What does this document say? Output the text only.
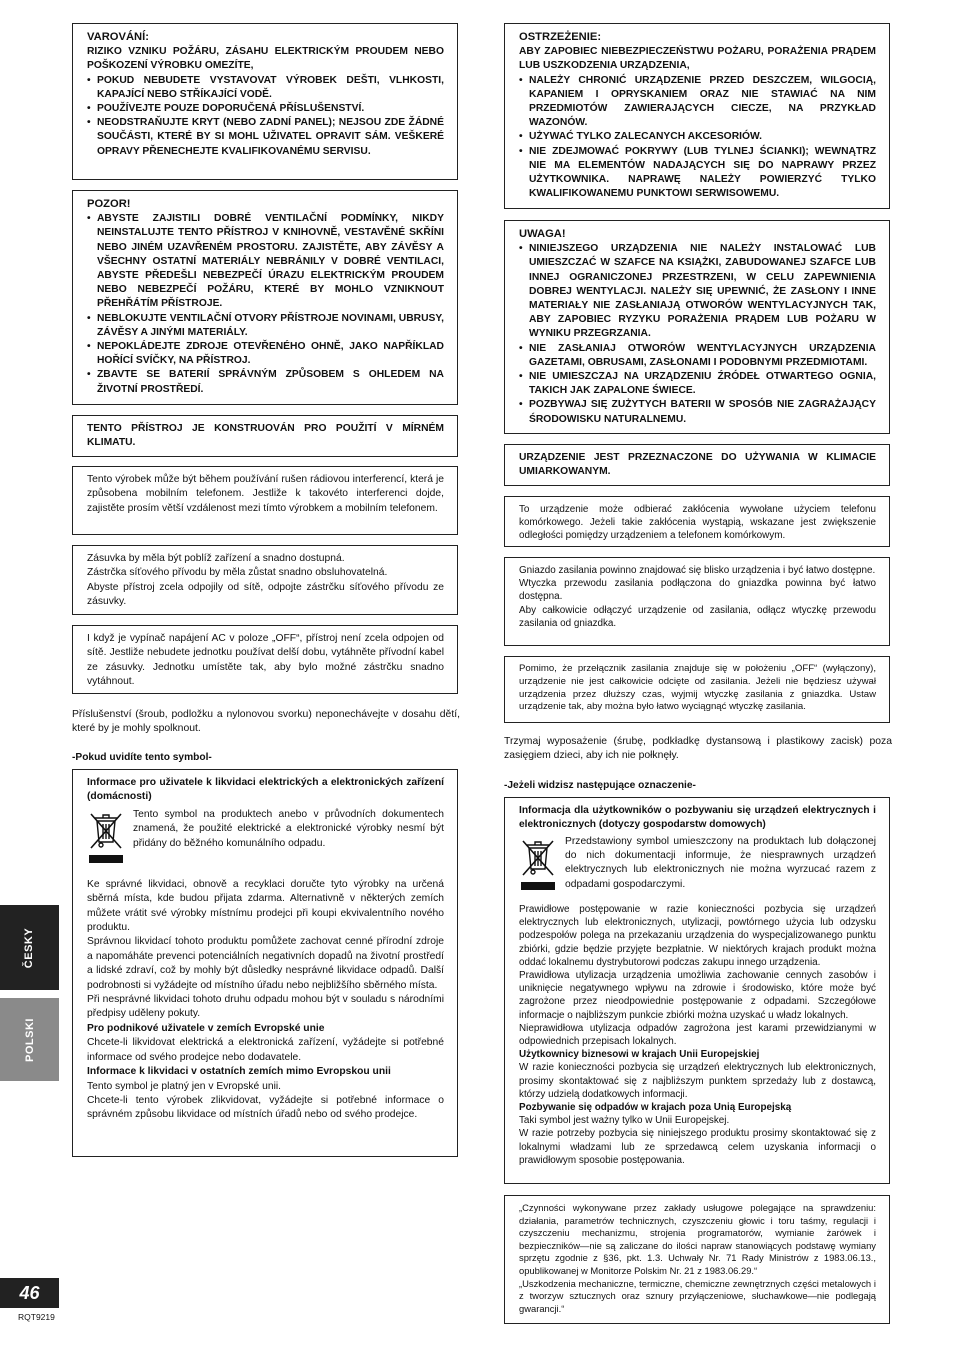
ČESKY
POLSKI
46
RQT9219
VAROVÁNÍ:

RIZIKO VZNIKU POŽÁRU, ZÁSAHU ELEKTRICKÝM PROUDEM NEBO POŠKOZENÍ VÝROBKU OMEZÍTE,

• POKUD NEBUDETE VYSTAVOVAT VÝROBEK DEŠTI, VLHKOSTI, KAPAJÍCÍ NEBO STŘÍKAJÍCÍ VODĚ.
• POUŽÍVEJTE POUZE DOPORUČENÁ PŘÍSLUŠENSTVÍ.
• NEODSTRAŇUJTE KRYT (NEBO ZADNÍ PANEL); NEJSOU ZDE ŽÁDNÉ SOUČÁSTI, KTERÉ BY SI MOHL UŽIVATEL OPRAVIT SÁM. VEŠKERÉ OPRAVY PŘENECHEJTE KVALIFIKOVANÉMU SERVISU.
POZOR!
• ABYSTE ZAJISTILI DOBRÉ VENTILAČNÍ PODMÍNKY, NIKDY NEINSTALUJTE TENTO PŘÍSTROJ V KNIHOVNĚ, VESTAVĚNÉ SKŘÍNI NEBO JINÉM UZAVŘENÉM PROSTORU. ZAJISTĚTE, ABY ZÁVĚSY A VŠECHNY OSTATNÍ MATERIÁLY NEBRÁNILY V DOBRÉ VENTILACI, ABYSTE PŘEDEŠLI NEBEZPEČÍ ÚRAZU ELEKTRICKÝM PROUDEM NEBO NEBEZPEČÍ POŽÁRU, KTERÉ BY MOHLO VZNIKNOUT PŘEHŘÁTÍM PŘÍSTROJE.
• NEBLOKUJTE VENTILAČNÍ OTVORY PŘÍSTROJE NOVINAMI, UBRUSY, ZÁVĚSY A JINÝMI MATERIÁLY.
• NEPOKLÁDEJTE ZDROJE OTEVŘENÉHO OHNĚ, JAKO NAPŘÍKLAD HOŘÍCÍ SVÍČKY, NA PŘÍSTROJ.
• ZBAVTE SE BATERIÍ SPRÁVNÝM ZPŮSOBEM S OHLEDEM NA ŽIVOTNÍ PROSTŘEDÍ.

TENTO PŘÍSTROJ JE KONSTRUOVÁN PRO POUŽITÍ V MÍRNÉM KLIMATU.

Tento výrobek může být během používání rušen rádiovou interferencí, která je způsobena mobilním telefonem. Jestliže k takovéto interferenci dojde, zajistěte prosím větší vzdálenost mezi tímto výrobkem a mobilním telefonem.

Zásuvka by měla být poblíž zařízení a snadno dostupná.

Zástrčka síťového přívodu by měla zůstat snadno obsluhovatelná.

Abyste přístroj zcela odpojily od sítě, odpojte zástrčku síťového přívodu ze zásuvky.

I když je vypínač napájení AC v poloze „OFF“, přístroj není zcela odpojen od sítě. Jestliže nebudete jednotku používat delší dobu, vytáhněte přívodní kabel ze zásuvky. Jednotku umístěte tak, aby bylo možné zástrčku snadno vytáhnout.

Příslušenství (šroub, podložku a nylonovou svorku) neponechávejte v dosahu dětí, které by je mohly spolknout.
-Pokud uvidíte tento symbol-

Informace pro uživatele k likvidaci elektrických a elektronických zařízení (domácnosti)

Tento symbol na produktech anebo v průvodních dokumentech znamená, že použité elektrické a elektronické výrobky nesmí být přidány do běžného komunálního odpadu.

Ke správné likvidaci, obnově a recyklaci doručte tyto výrobky na určená sběrná místa, kde budou přijata zdarma. Alternativně v některých zemích můžete vrátit své výrobky místnímu prodejci při koupi ekvivalentního nového produktu.

Správnou likvidací tohoto produktu pomůžete zachovat cenné přírodní zdroje a napomáháte prevenci potenciálních negativních dopadů na životní prostředí a lidské zdraví, což by mohly být důsledky nesprávné likvidace odpadů. Další podrobnosti si vyžádejte od místního úřadu nebo nejbližšího sběrného místa.

Při nesprávné likvidaci tohoto druhu odpadu mohou být v souladu s národními předpisy uděleny pokuty.

Pro podnikové uživatele v zemích Evropské unie

Chcete-li likvidovat elektrická a elektronická zařízení, vyžádejte si potřebné informace od svého prodejce nebo dodavatele.

Informace k likvidaci v ostatních zemích mimo Evropskou unii

Tento symbol je platný jen v Evropské unii.

Chcete-li tento výrobek zlikvidovat, vyžádejte si potřebné informace o správném způsobu likvidace od místních úřadů nebo od svého prodejce.

OSTRZEŻENIE:

ABY ZAPOBIEC NIEBEZPIECZEŃSTWU POŻARU, PORAŻENIA PRĄDEM LUB USZKODZENIA URZĄDZENIA,

• NALEŻY CHRONIĆ URZĄDZENIE PRZED DESZCZEM, WILGOCIĄ, KAPANIEM I OPRYSKANIEM ORAZ NIE STAWIAĆ NA NIM PRZEDMIOTÓW ZAWIERAJĄCYCH CIECZE, NA PRZYKŁAD WAZONÓW.
• UŻYWAĆ TYLKO ZALECANYCH AKCESORIÓW.
• NIE ZDEJMOWAĆ POKRYWY (LUB TYLNEJ ŚCIANKI); WEWNĄTRZ NIE MA ELEMENTÓW NADAJĄCYCH SIĘ DO NAPRAWY PRZEZ UŻYTKOWNIKA. NAPRAWĘ NALEŻY POWIERZYĆ TYLKO KWALIFIKOWANEMU PUNKTOWI SERWISOWEMU.
UWAGA!
• NINIEJSZEGO URZĄDZENIA NIE NALEŻY INSTALOWAĆ LUB UMIESZCZAĆ W SZAFCE NA KSIĄŻKI, ZABUDOWANEJ SZAFCE LUB INNEJ OGRANICZONEJ PRZESTRZENI, W CELU ZAPEWNIENIA DOBREJ WENTYLACJI. NALEŻY SIĘ UPEWNIĆ, ŻE ZASŁONY I INNE MATERIAŁY NIE ZASŁANIAJĄ OTWORÓW WENTYLACYJNYCH TAK, ABY ZAPOBIEC RYZYKU PORAŻENIA PRĄDEM LUB POŻARU W WYNIKU PRZEGRZANIA.
• NIE ZASŁANIAJ OTWORÓW WENTYLACYJNYCH URZĄDZENIA GAZETAMI, OBRUSAMI, ZASŁONAMI I PODOBNYMI PRZEDMIOTAMI.
• NIE UMIESZCZAJ NA URZĄDZENIU ŹRÓDEŁ OTWARTEGO OGNIA, TAKICH JAK ZAPALONE ŚWIECE.
• POZBYWAJ SIĘ ZUŻYTYCH BATERII W SPOSÓB NIE ZAGRAŻAJĄCY ŚRODOWISKU NATURALNEMU.

URZĄDZENIE JEST PRZEZNACZONE DO UŻYWANIA W KLIMACIE UMIARKOWANYM.

To urządzenie może odbierać zakłócenia wywołane użyciem telefonu komórkowego. Jeżeli takie zakłócenia wystąpią, wskazane jest zwiększenie odległości pomiędzy urządzeniem a telefonem komórkowym.

Gniazdo zasilania powinno znajdować się blisko urządzenia i być łatwo dostępne.

Wtyczka przewodu zasilania podłączona do gniazdka powinna być łatwo dostępna.

Aby całkowicie odłączyć urządzenie od zasilania, odłącz wtyczkę przewodu zasilania od gniazdka.

Pomimo, że przełącznik zasilania znajduje się w położeniu „OFF“ (wyłączony), urządzenie nie jest całkowicie odcięte od zasilania. Jeżeli nie będziesz używał urządzenia przez dłuższy czas, wyjmij wtyczkę zasilania z gniazdka. Ustaw urządzenie tak, aby można było łatwo wyciągnąć wtyczkę zasilania.

Trzymaj wyposażenie (śrubę, podkładkę dystansową i plastikowy zacisk) poza zasięgiem dzieci, aby ich nie połknęły.
-Jeżeli widzisz następujące oznaczenie-

Informacja dla użytkowników o pozbywaniu się urządzeń elektrycznych i elektronicznych (dotyczy gospodarstw domowych)

Przedstawiony symbol umieszczony na produktach lub dołączonej do nich dokumentacji informuje, że niesprawnych urządzeń elektrycznych lub elektronicznych nie można wyrzucać razem z odpadami gospodarczymi.

Prawidłowe postępowanie w razie konieczności pozbycia się urządzeń elektrycznych lub elektronicznych, utylizacji, powtórnego użycia lub odzysku podzespołów polega na przekazaniu urządzenia do wyspecjalizowanego punktu zbiórki, gdzie będzie przyjęte bezpłatnie. W niektórych krajach produkt można oddać lokalnemu dystrybutorowi podczas zakupu innego urządzenia.

Prawidłowa utylizacja urządzenia umożliwia zachowanie cennych zasobów i uniknięcie negatywnego wpływu na zdrowie i środowisko, które może być zagrożone przez nieodpowiednie postępowanie z odpadami. Szczegółowe informacje o najbliższym punkcie zbiórki można uzyskać u władz lokalnych.

Nieprawidłowa utylizacja odpadów zagrożona jest karami przewidzianymi w odpowiednich przepisach lokalnych.

Użytkownicy biznesowi w krajach Unii Europejskiej

W razie konieczności pozbycia się urządzeń elektrycznych lub elektronicznych, prosimy skontaktować się z najbliższym punktem sprzedaży lub z dostawcą, którzy udzielą dodatkowych informacji.

Pozbywanie się odpadów w krajach poza Unią Europejską

Taki symbol jest ważny tylko w Unii Europejskej.

W razie potrzeby pozbycia się niniejszego produktu prosimy skontaktować się z lokalnymi władzami lub ze sprzedawcą celem uzyskania informacji o prawidłowym sposobie postępowania.

„Czynności wykonywane przez zakłady usługowe polegające na sprawdzeniu: działania, parametrów technicznych, czyszczeniu głowic i toru taśmy, regulacji i czyszczeniu mechanizmu, strojenia programatorów, wymianie żarówek i bezpieczników—nie są zaliczane do ilości napraw stanowiących podstawę wymiany sprzętu zgodnie z §36, pkt. 1.3. Uchwały Nr. 71 Rady Ministrów z 1983.06.13., opublikowanej w Monitorze Polskim Nr. 21 z 1983.06.29.“

„Uszkodzenia mechaniczne, termiczne, chemiczne zewnętrznych części metalowych i z tworzyw sztucznych oraz sznury przyłączeniowe, słuchawkowe—nie podlegają gwarancji.“
